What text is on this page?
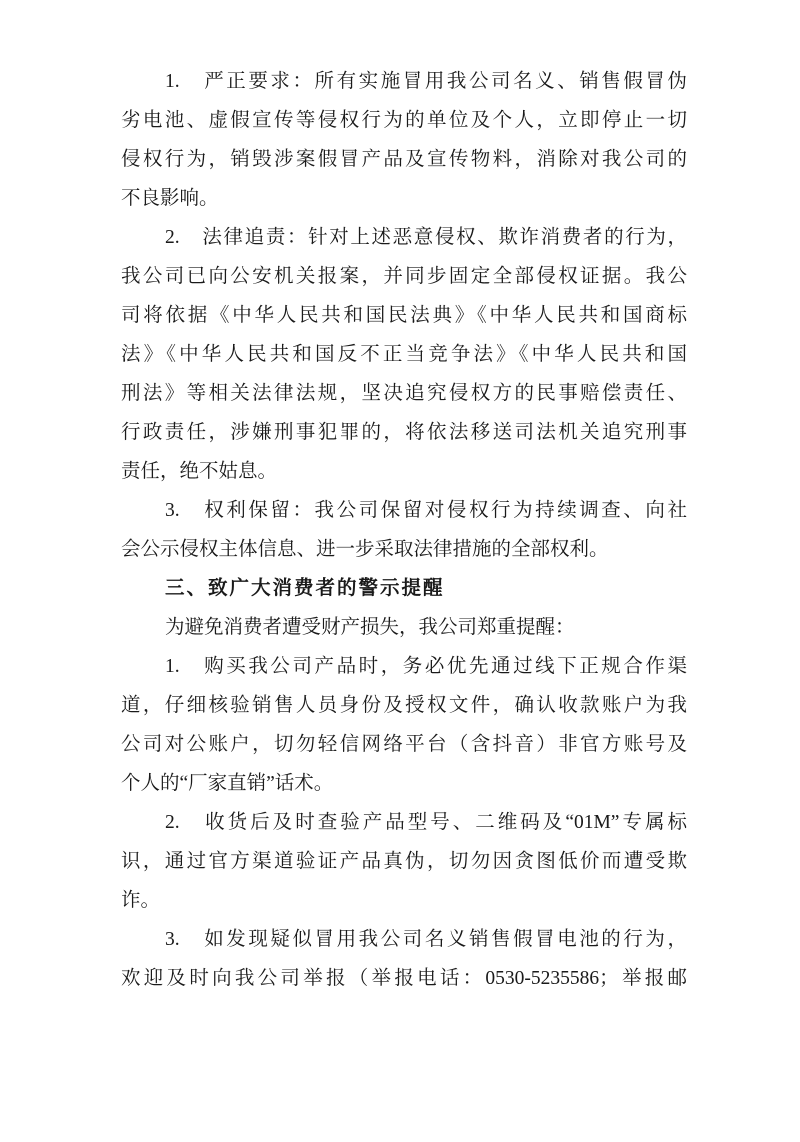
1.　严正要求：所有实施冒用我公司名义、销售假冒伪
劣电池、虚假宣传等侵权行为的单位及个人，立即停止一切
侵权行为，销毁涉案假冒产品及宣传物料，消除对我公司的
不良影响。
2.　法律追责：针对上述恶意侵权、欺诈消费者的行为，
我公司已向公安机关报案，并同步固定全部侵权证据。我公
司将依据《中华人民共和国民法典》《中华人民共和国商标
法》《中华人民共和国反不正当竞争法》《中华人民共和国
刑法》等相关法律法规，坚决追究侵权方的民事赔偿责任、
行政责任，涉嫌刑事犯罪的，将依法移送司法机关追究刑事
责任，绝不姑息。
3.　权利保留：我公司保留对侵权行为持续调查、向社
会公示侵权主体信息、进一步采取法律措施的全部权利。
三、致广大消费者的警示提醒
为避免消费者遭受财产损失，我公司郑重提醒：
1.　购买我公司产品时，务必优先通过线下正规合作渠
道，仔细核验销售人员身份及授权文件，确认收款账户为我
公司对公账户，切勿轻信网络平台（含抖音）非官方账号及
个人的“厂家直销”话术。
2.　收货后及时查验产品型号、二维码及“01M”专属标
识，通过官方渠道验证产品真伪，切勿因贪图低价而遭受欺
诈。
3.　如发现疑似冒用我公司名义销售假冒电池的行为，
欢迎及时向我公司举报（举报电话：0530-5235586；举报邮
